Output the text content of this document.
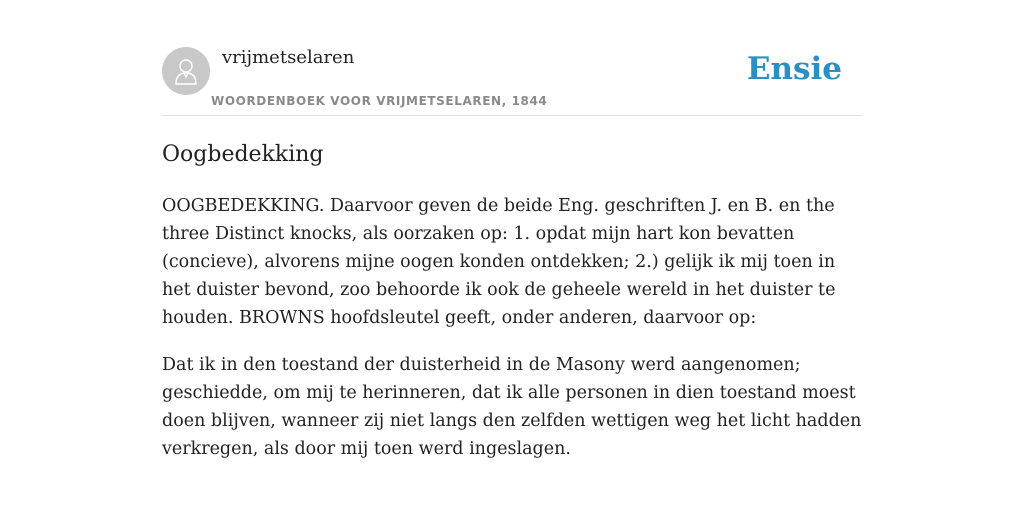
vrijmetselaren
WOORDENBOEK VOOR VRIJMETSELAREN, 1844
Ensie
Oogbedekking

OOGBEDEKKING. Daarvoor geven de beide Eng. geschriften J. en B. en the three Distinct knocks, als oorzaken op: 1. opdat mijn hart kon bevatten (concieve), alvorens mijne oogen konden ontdekken; 2.) gelijk ik mij toen in het duister bevond, zoo behoorde ik ook de geheele wereld in het duister te houden. BROWNS hoofdsleutel geeft, onder anderen, daarvoor op:

Dat ik in den toestand der duisterheid in de Masony werd aangenomen; geschiedde, om mij te herinneren, dat ik alle personen in dien toestand moest doen blijven, wanneer zij niet langs den zelfden wettigen weg het licht hadden verkregen, als door mij toen werd ingeslagen.
